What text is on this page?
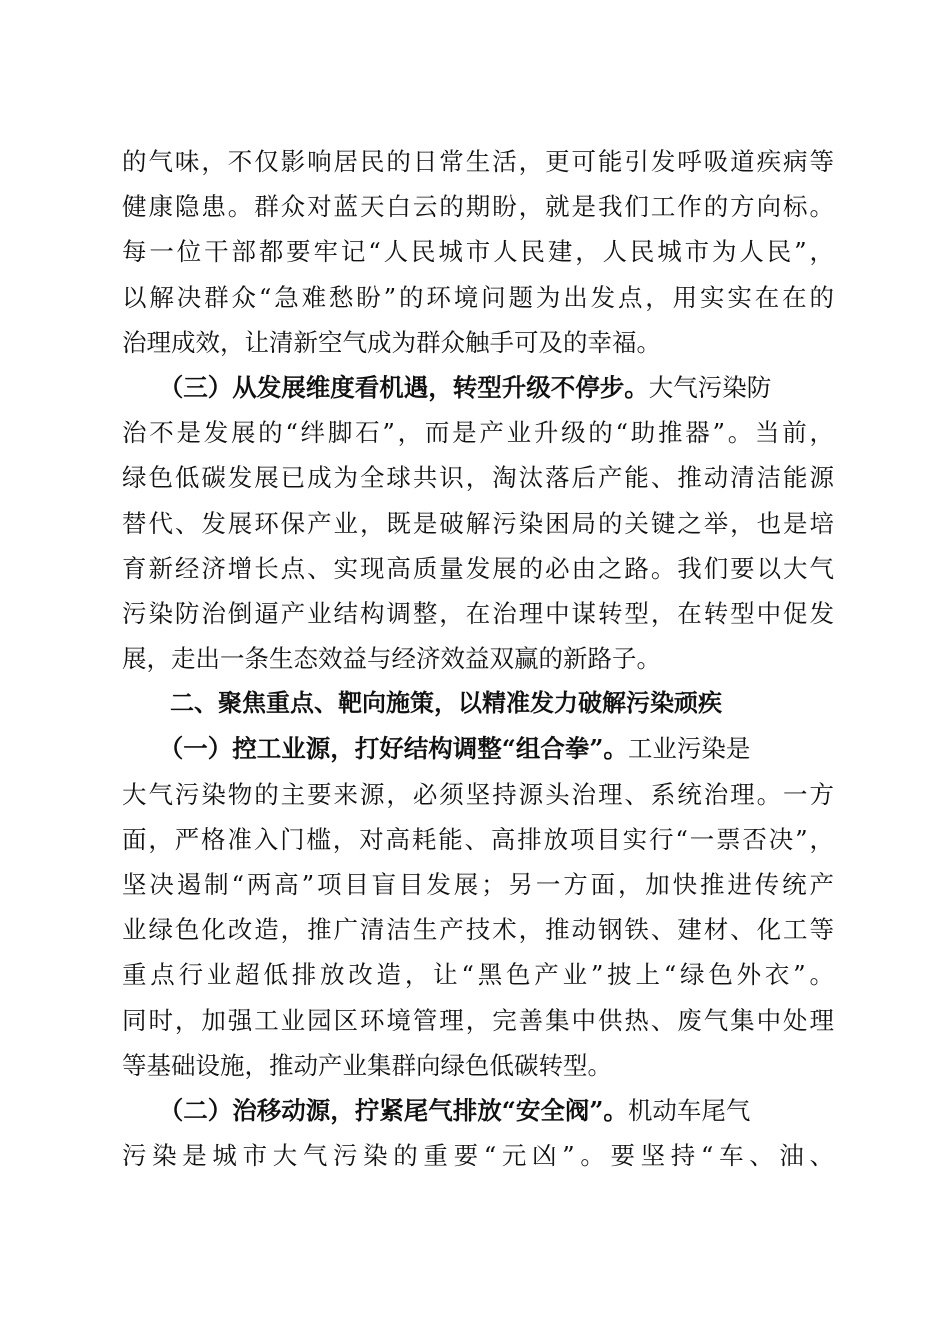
的气味，不仅影响居民的日常生活，更可能引发呼吸道疾病等
健康隐患。群众对蓝天白云的期盼，就是我们工作的方向标。
每一位干部都要牢记“人民城市人民建，人民城市为人民”，
以解决群众“急难愁盼”的环境问题为出发点，用实实在在的
治理成效，让清新空气成为群众触手可及的幸福。
　　（三）从发展维度看机遇，转型升级不停步。大气污染防
治不是发展的“绊脚石”，而是产业升级的“助推器”。当前，
绿色低碳发展已成为全球共识，淘汰落后产能、推动清洁能源
替代、发展环保产业，既是破解污染困局的关键之举，也是培
育新经济增长点、实现高质量发展的必由之路。我们要以大气
污染防治倒逼产业结构调整，在治理中谋转型，在转型中促发
展，走出一条生态效益与经济效益双赢的新路子。
　　二、聚焦重点、靶向施策，以精准发力破解污染顽疾
　　（一）控工业源，打好结构调整“组合拳”。工业污染是
大气污染物的主要来源，必须坚持源头治理、系统治理。一方
面，严格准入门槛，对高耗能、高排放项目实行“一票否决”，
坚决遏制“两高”项目盲目发展；另一方面，加快推进传统产
业绿色化改造，推广清洁生产技术，推动钢铁、建材、化工等
重点行业超低排放改造，让“黑色产业”披上“绿色外衣”。
同时，加强工业园区环境管理，完善集中供热、废气集中处理
等基础设施，推动产业集群向绿色低碳转型。
　　（二）治移动源，拧紧尾气排放“安全阀”。机动车尾气
污染是城市大气污染的重要“元凶”。要坚持“车、油、
